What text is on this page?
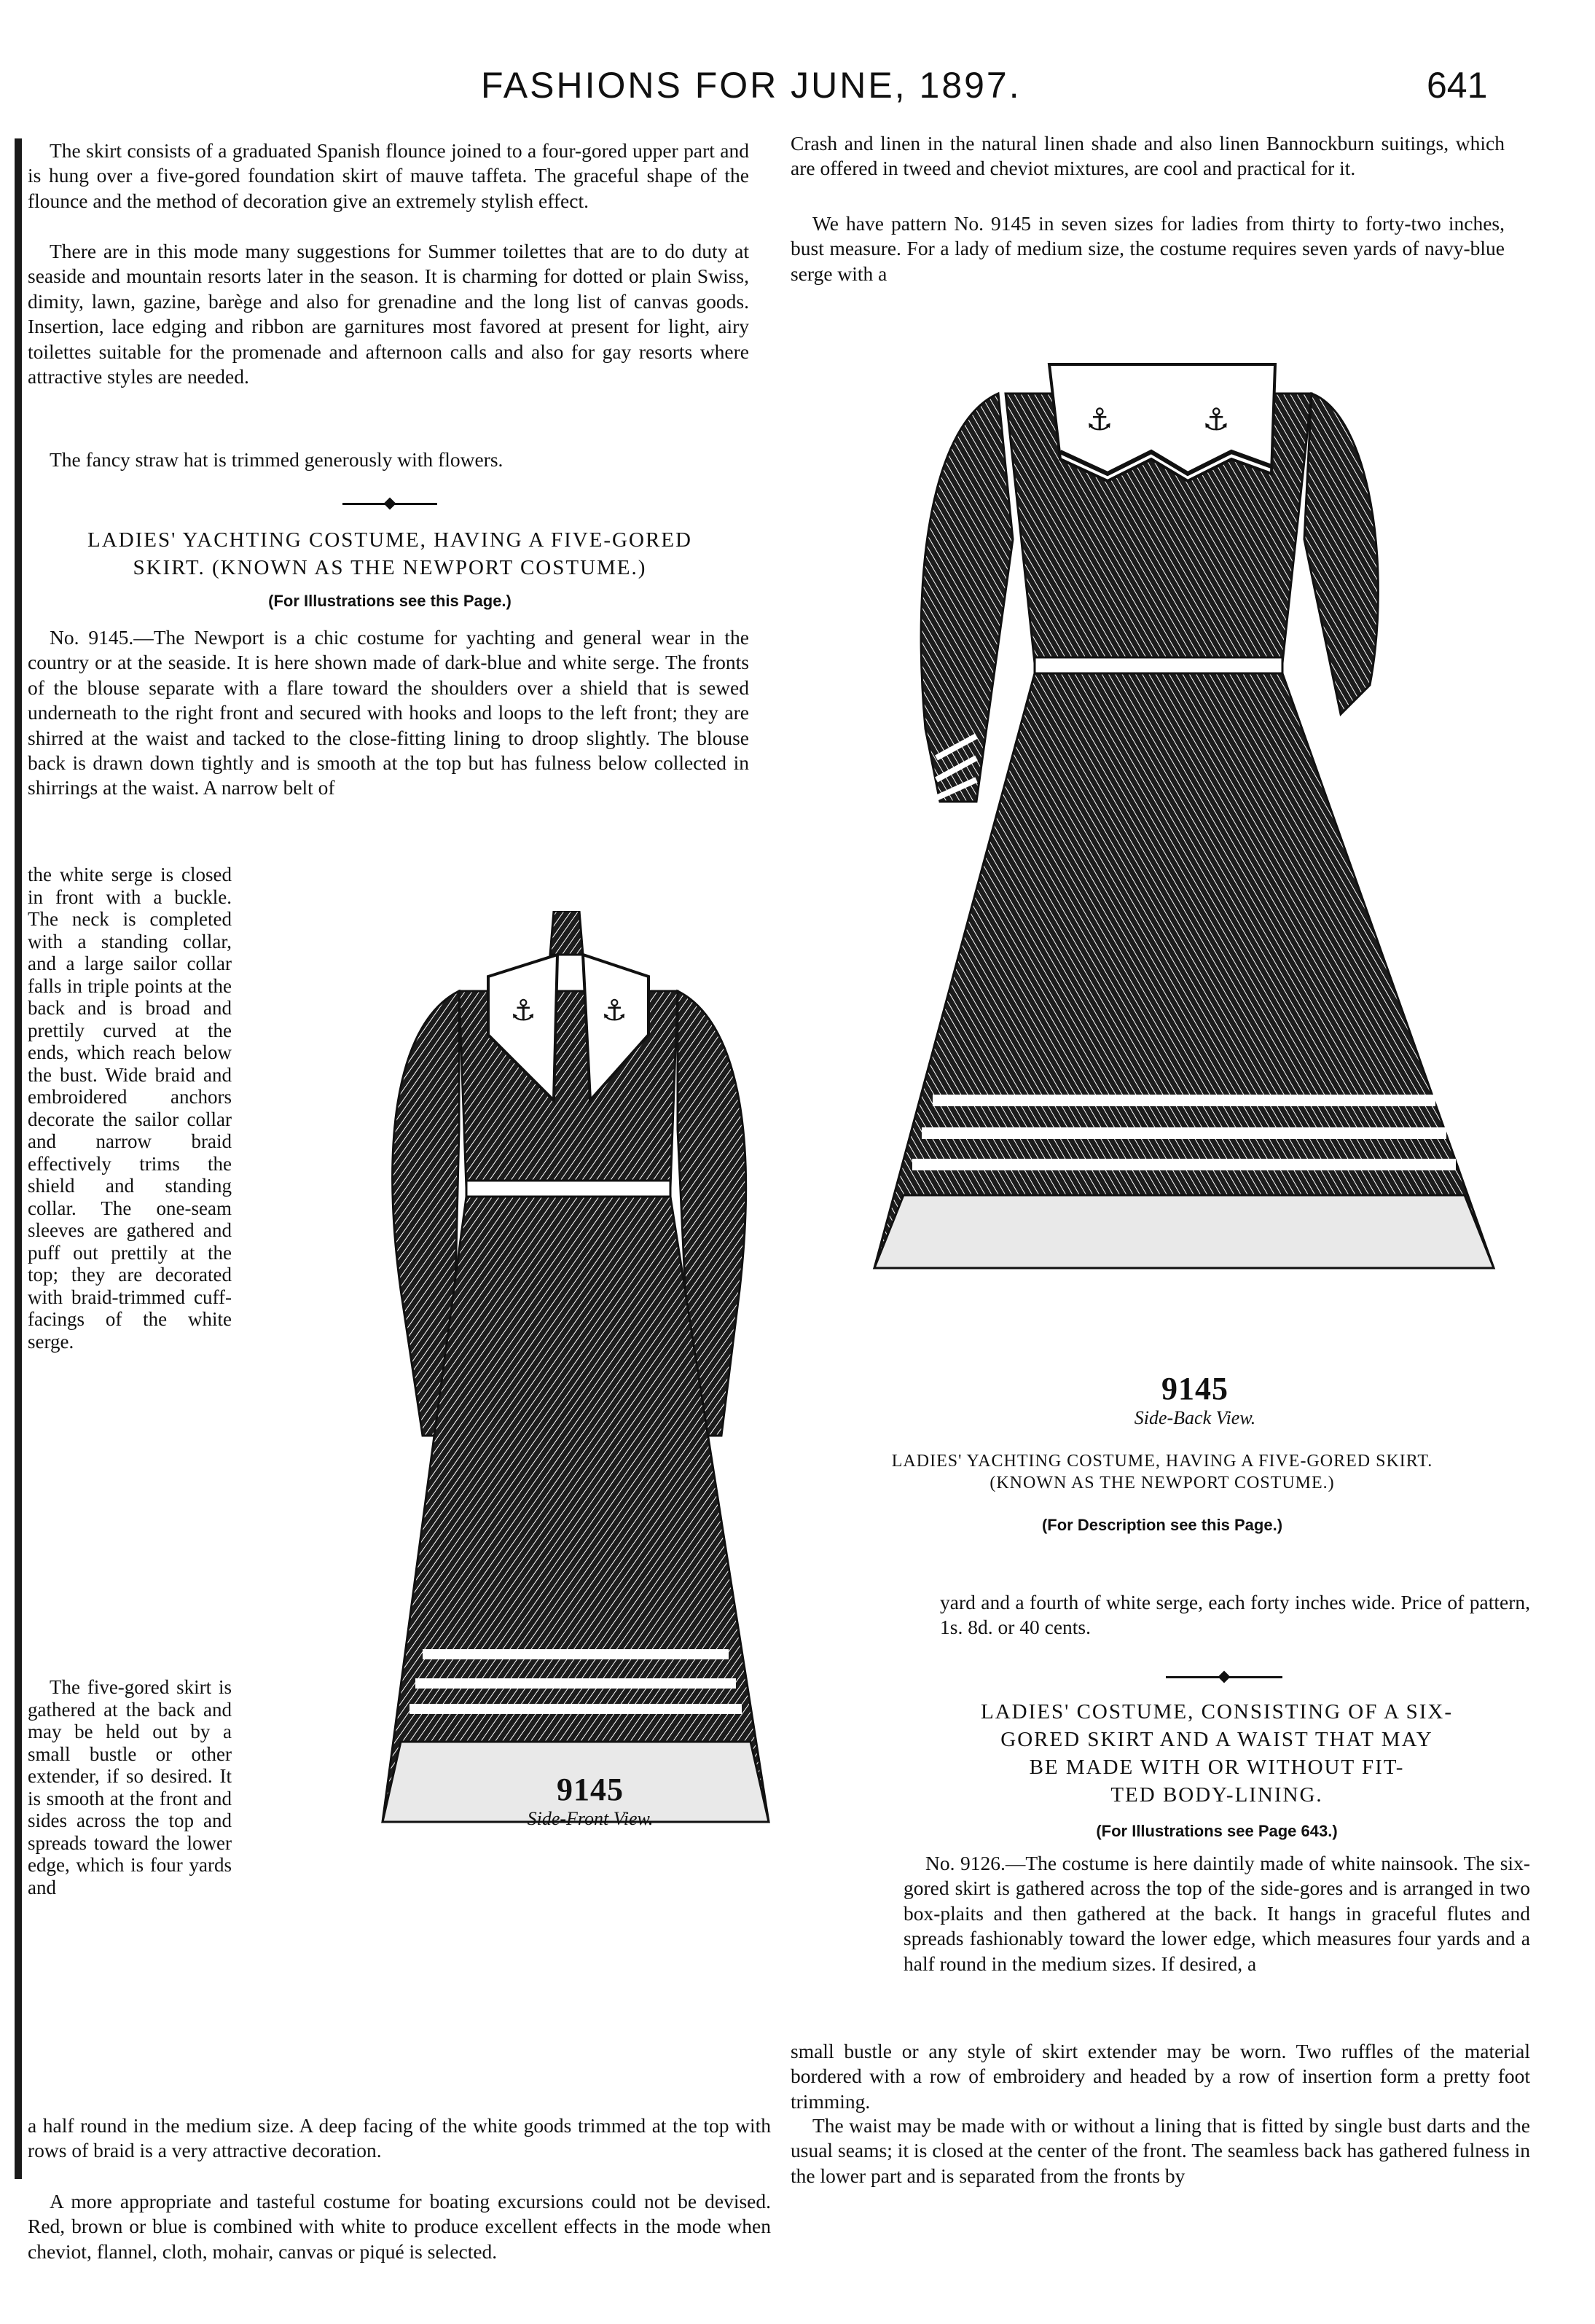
FASHIONS FOR JUNE, 1897.	641

The skirt consists of a graduated Spanish flounce joined to a four-gored upper part and is hung over a five-gored foundation skirt of mauve taffeta. The graceful shape of the flounce and the method of decoration give an extremely stylish effect.

There are in this mode many suggestions for Summer toilettes that are to do duty at seaside and mountain resorts later in the season. It is charming for dotted or plain Swiss, dimity, lawn, gazine, barège and also for grenadine and the long list of canvas goods. Insertion, lace edging and ribbon are garnitures most favored at present for light, airy toilettes suitable for the promenade and afternoon calls and also for gay resorts where attractive styles are needed.

The fancy straw hat is trimmed generously with flowers.

LADIES' YACHTING COSTUME, HAVING A FIVE-GORED
SKIRT. (KNOWN AS THE NEWPORT COSTUME.)
(For Illustrations see this Page.)

No. 9145.—The Newport is a chic costume for yachting and general wear in the country or at the seaside. It is here shown made of dark-blue and white serge. The fronts of the blouse separate with a flare toward the shoulders over a shield that is sewed underneath to the right front and secured with hooks and loops to the left front; they are shirred at the waist and tacked to the close-fitting lining to droop slightly. The blouse back is drawn down tightly and is smooth at the top but has fulness below collected in shirrings at the waist. A narrow belt of

the white serge is closed in front with a buckle. The neck is completed with a standing collar, and a large sailor collar falls in triple points at the back and is broad and prettily curved at the ends, which reach below the bust. Wide braid and embroidered anchors decorate the sailor collar and narrow braid effectively trims the shield and standing collar. The one-seam sleeves are gathered and puff out prettily at the top; they are decorated with braid-trimmed cuff-facings of the white serge.

The five-gored skirt is gathered at the back and may be held out by a small bustle or other extender, if so desired. It is smooth at the front and sides across the top and spreads toward the lower edge, which is four yards and

⚓ ⚓
9145
Side-Front View.

a half round in the medium size. A deep facing of the white goods trimmed at the top with rows of braid is a very attractive decoration.

A more appropriate and tasteful costume for boating excursions could not be devised. Red, brown or blue is combined with white to produce excellent effects in the mode when cheviot, flannel, cloth, mohair, canvas or piqué is selected.

Crash and linen in the natural linen shade and also linen Bannockburn suitings, which are offered in tweed and cheviot mixtures, are cool and practical for it.

We have pattern No. 9145 in seven sizes for ladies from thirty to forty-two inches, bust measure. For a lady of medium size, the costume requires seven yards of navy-blue serge with a

⚓	⚓
9145
Side-Back View.
LADIES' YACHTING COSTUME, HAVING A FIVE-GORED SKIRT.
(KNOWN AS THE NEWPORT COSTUME.)
(For Description see this Page.)

yard and a fourth of white serge, each forty inches wide. Price of pattern, 1s. 8d. or 40 cents.

LADIES' COSTUME, CONSISTING OF A SIX-
GORED SKIRT AND A WAIST THAT MAY
BE MADE WITH OR WITHOUT FIT-
TED BODY-LINING.
(For Illustrations see Page 643.)

No. 9126.—The costume is here daintily made of white nainsook. The six-gored skirt is gathered across the top of the side-gores and is arranged in two box-plaits and then gathered at the back. It hangs in graceful flutes and spreads fashionably toward the lower edge, which measures four yards and a half round in the medium sizes. If desired, a

small bustle or any style of skirt extender may be worn. Two ruffles of the material bordered with a row of embroidery and headed by a row of insertion form a pretty foot trimming.

The waist may be made with or without a lining that is fitted by single bust darts and the usual seams; it is closed at the center of the front. The seamless back has gathered fulness in the lower part and is separated from the fronts by
